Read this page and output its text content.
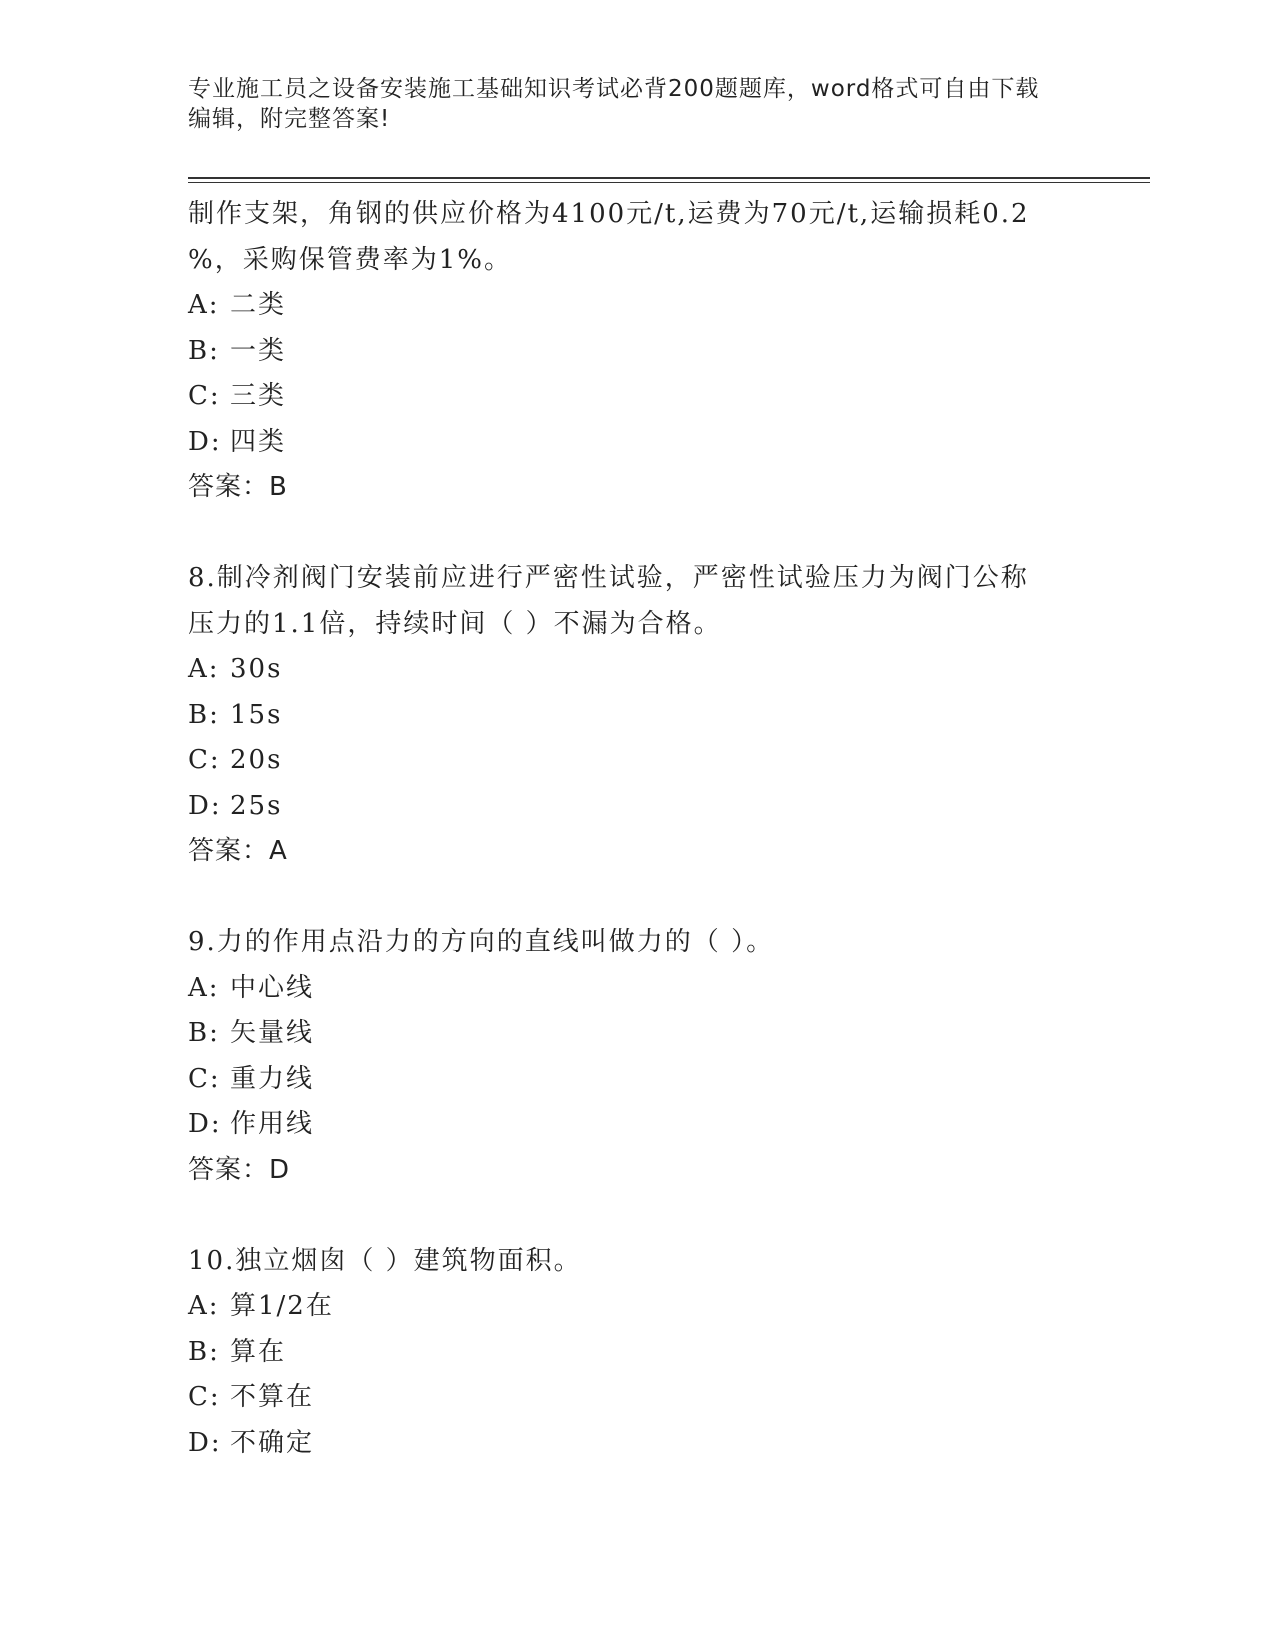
专业施工员之设备安装施工基础知识考试必背200题题库，word格式可自由下载
编辑，附完整答案!
制作支架，角钢的供应价格为4100元/t,运费为70元/t,运输损耗0.2
%，采购保管费率为1%。
A: 二类
B: 一类
C: 三类
D: 四类
答案：B
8.制冷剂阀门安装前应进行严密性试验，严密性试验压力为阀门公称
压力的1.1倍，持续时间（ ）不漏为合格。
A: 30s
B: 15s
C: 20s
D: 25s
答案：A
9.力的作用点沿力的方向的直线叫做力的（ ）。
A: 中心线
B: 矢量线
C: 重力线
D: 作用线
答案：D
10.独立烟囱（ ）建筑物面积。
A: 算1/2在
B: 算在
C: 不算在
D: 不确定
